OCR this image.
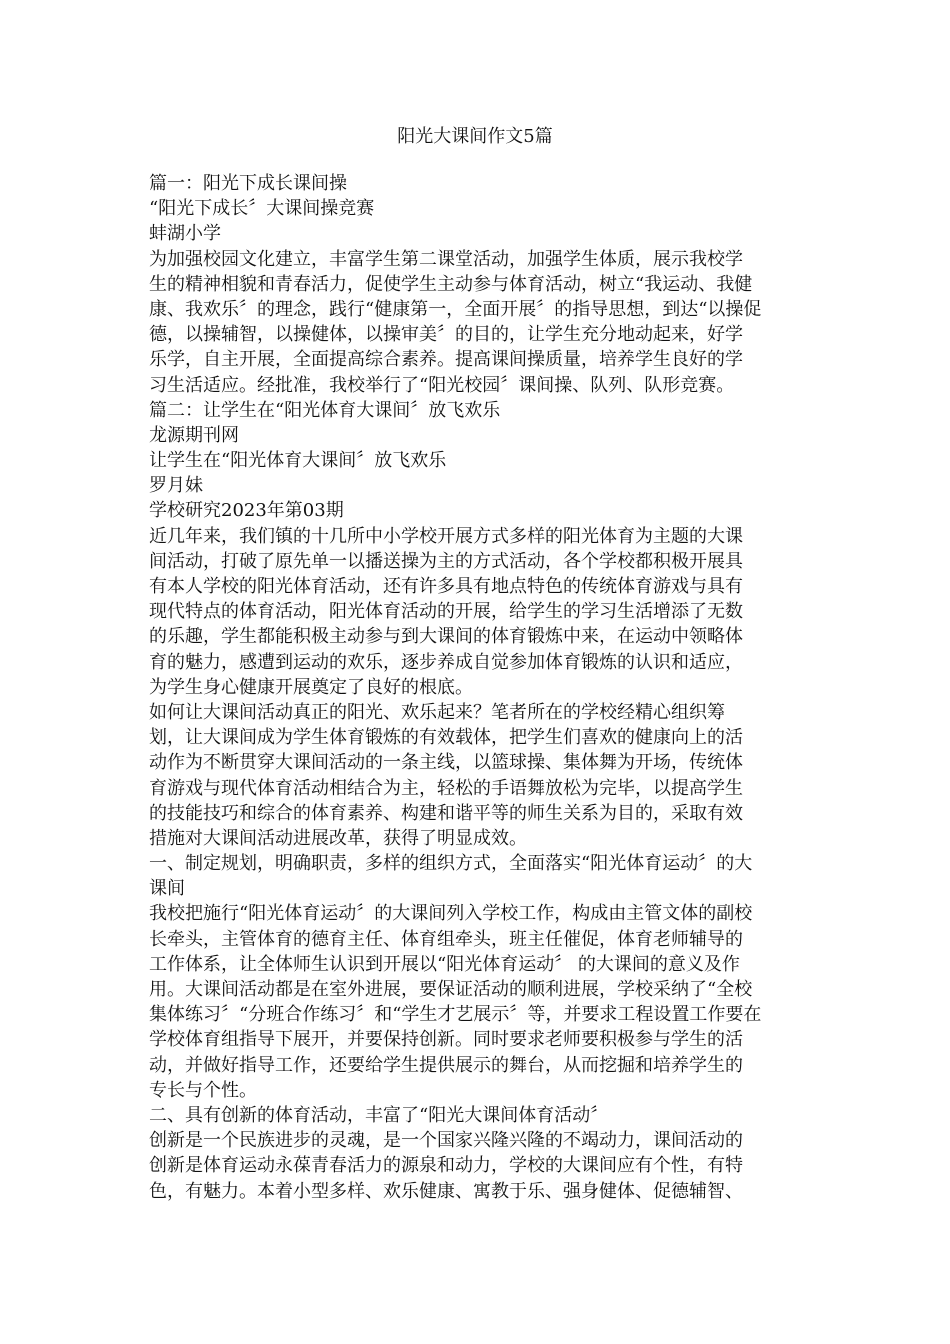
阳光大课间作文5篇
篇一：阳光下成长课间操
“阳光下成长〞大课间操竞赛
蚌湖小学
为加强校园文化建立，丰富学生第二课堂活动，加强学生体质，展示我校学
生的精神相貌和青春活力，促使学生主动参与体育活动，树立“我运动、我健
康、我欢乐〞的理念，践行“健康第一，全面开展〞的指导思想，到达“以操促
德，以操辅智，以操健体，以操审美〞的目的，让学生充分地动起来，好学
乐学，自主开展，全面提高综合素养。提高课间操质量，培养学生良好的学
习生活适应。经批准，我校举行了“阳光校园〞课间操、队列、队形竞赛。
篇二：让学生在“阳光体育大课间〞放飞欢乐
龙源期刊网
让学生在“阳光体育大课间〞放飞欢乐
罗月妹
学校研究2023年第03期
近几年来，我们镇的十几所中小学校开展方式多样的阳光体育为主题的大课
间活动，打破了原先单一以播送操为主的方式活动，各个学校都积极开展具
有本人学校的阳光体育活动，还有许多具有地点特色的传统体育游戏与具有
现代特点的体育活动，阳光体育活动的开展，给学生的学习生活增添了无数
的乐趣，学生都能积极主动参与到大课间的体育锻炼中来，在运动中领略体
育的魅力，感遭到运动的欢乐，逐步养成自觉参加体育锻炼的认识和适应，
为学生身心健康开展奠定了良好的根底。
如何让大课间活动真正的阳光、欢乐起来？笔者所在的学校经精心组织筹
划，让大课间成为学生体育锻炼的有效载体，把学生们喜欢的健康向上的活
动作为不断贯穿大课间活动的一条主线，以篮球操、集体舞为开场，传统体
育游戏与现代体育活动相结合为主，轻松的手语舞放松为完毕，以提高学生
的技能技巧和综合的体育素养、构建和谐平等的师生关系为目的，采取有效
措施对大课间活动进展改革，获得了明显成效。
一、制定规划，明确职责，多样的组织方式，全面落实“阳光体育运动〞的大
课间
我校把施行“阳光体育运动〞的大课间列入学校工作，构成由主管文体的副校
长牵头，主管体育的德育主任、体育组牵头，班主任催促，体育老师辅导的
工作体系，让全体师生认识到开展以“阳光体育运动〞 的大课间的意义及作
用。大课间活动都是在室外进展，要保证活动的顺利进展，学校采纳了“全校
集体练习〞“分班合作练习〞和“学生才艺展示〞等，并要求工程设置工作要在
学校体育组指导下展开，并要保持创新。同时要求老师要积极参与学生的活
动，并做好指导工作，还要给学生提供展示的舞台，从而挖掘和培养学生的
专长与个性。
二、具有创新的体育活动，丰富了“阳光大课间体育活动〞
创新是一个民族进步的灵魂，是一个国家兴隆兴隆的不竭动力，课间活动的
创新是体育运动永葆青春活力的源泉和动力，学校的大课间应有个性，有特
色，有魅力。本着小型多样、欢乐健康、寓教于乐、强身健体、促德辅智、
